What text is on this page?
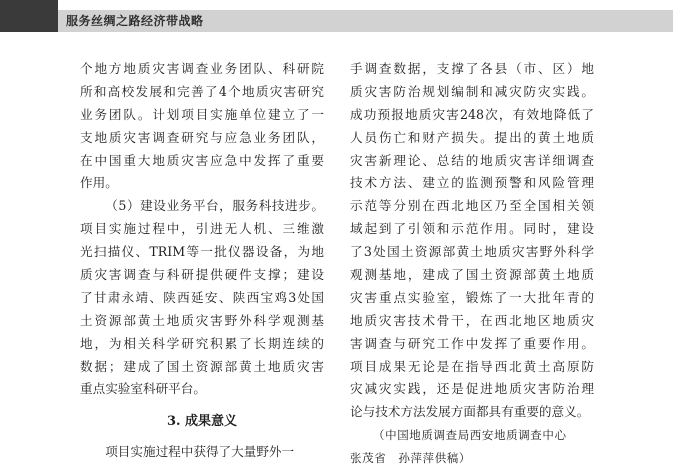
服务丝绸之路经济带战略
个地方地质灾害调查业务团队、科研院
所和高校发展和完善了4个地质灾害研究
业务团队。计划项目实施单位建立了一
支地质灾害调查研究与应急业务团队，
在中国重大地质灾害应急中发挥了重要
作用。
（5）建设业务平台，服务科技进步。
项目实施过程中，引进无人机、三维激
光扫描仪、TRIM等一批仪器设备，为地
质灾害调查与科研提供硬件支撑；建设
了甘肃永靖、陕西延安、陕西宝鸡3处国
土资源部黄土地质灾害野外科学观测基
地，为相关科学研究积累了长期连续的
数据；建成了国土资源部黄土地质灾害
重点实验室科研平台。
3. 成果意义
项目实施过程中获得了大量野外一
手调查数据，支撑了各县（市、区）地
质灾害防治规划编制和减灾防灾实践。
成功预报地质灾害248次，有效地降低了
人员伤亡和财产损失。提出的黄土地质
灾害新理论、总结的地质灾害详细调查
技术方法、建立的监测预警和风险管理
示范等分别在西北地区乃至全国相关领
域起到了引领和示范作用。同时，建设
了3处国土资源部黄土地质灾害野外科学
观测基地，建成了国土资源部黄土地质
灾害重点实验室，锻炼了一大批年青的
地质灾害技术骨干，在西北地区地质灾
害调查与研究工作中发挥了重要作用。
项目成果无论是在指导西北黄土高原防
灾减灾实践，还是促进地质灾害防治理
论与技术方法发展方面都具有重要的意义。
（中国地质调查局西安地质调查中心
张茂省　孙萍萍供稿）
